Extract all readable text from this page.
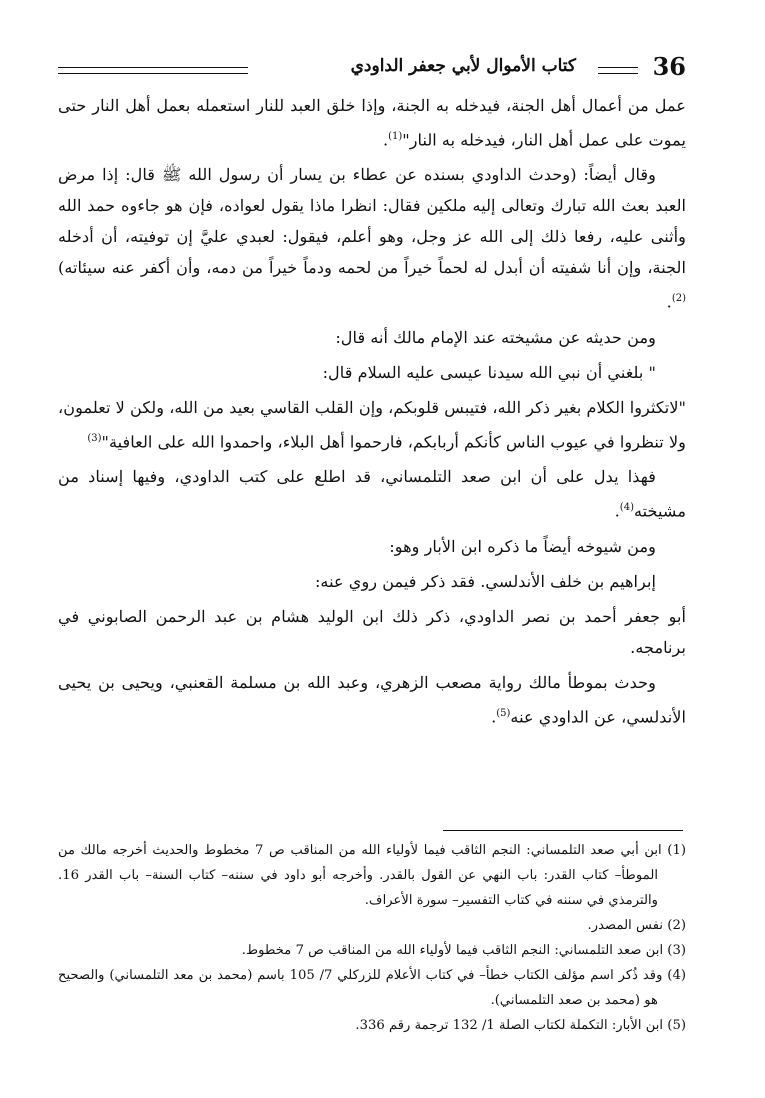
36
كتاب الأموال لأبي جعفر الداودي

عمل من أعمال أهل الجنة، فيدخله به الجنة، وإذا خلق العبد للنار استعمله بعمل أهل النار حتى يموت على عمل أهل النار، فيدخله به النار"$^{(1)}$.

وقال أيضاً: (وحدث الداودي بسنده عن عطاء بن يسار أن رسول الله ﷺ قال: إذا مرض العبد بعث الله تبارك وتعالى إليه ملكين فقال: انظرا ماذا يقول لعواده، فإن هو جاءوه حمد الله وأثنى عليه، رفعا ذلك إلى الله عز وجل، وهو أعلم، فيقول: لعبدي عليَّ إن توفيته، أن أدخله الجنة، وإن أنا شفيته أن أبدل له لحماً خيراً من لحمه ودماً خيراً من دمه، وأن أكفر عنه سيئاته)$^{(2)}$.

ومن حديثه عن مشيخته عند الإمام مالك أنه قال:

" بلغني أن نبي الله سيدنا عيسى عليه السلام قال:

"لاتكثروا الكلام بغير ذكر الله، فتيبس قلوبكم، وإن القلب القاسي بعيد من الله، ولكن لا تعلمون، ولا تنظروا في عيوب الناس كأنكم أربابكم، فارحموا أهل البلاء، واحمدوا الله على العافية"$^{(3)}$

فهذا يدل على أن ابن صعد التلمساني، قد اطلع على كتب الداودي، وفيها إسناد من مشيخته$^{(4)}$.

ومن شيوخه أيضاً ما ذكره ابن الأبار وهو:

إبراهيم بن خلف الأندلسي. فقد ذكر فيمن روي عنه:

أبو جعفر أحمد بن نصر الداودي، ذكر ذلك ابن الوليد هشام بن عبد الرحمن الصابوني في برنامجه.

وحدث بموطأ مالك رواية مصعب الزهري، وعبد الله بن مسلمة القعنبي، ويحيى بن يحيى الأندلسي، عن الداودي عنه$^{(5)}$.

(1) ابن أبي صعد التلمساني: النجم الثاقب فيما لأولياء الله من المناقب ص 7 مخطوط والحديث أخرجه مالك من الموطأ– كتاب القدر: باب النهي عن القول بالقدر. وأخرجه أبو داود في سننه– كتاب السنة– باب القدر 16. والترمذي في سننه في كتاب التفسير– سورة الأعراف.

(2) نفس المصدر.

(3) ابن صعد التلمساني: النجم الثاقب فيما لأولياء الله من المناقب ص 7 مخطوط.

(4) وقد ذُكر اسم مؤلف الكتاب خطأ– في كتاب الأعلام للزركلي 7/ 105 باسم (محمد بن معد التلمساني) والصحيح هو (محمد بن صعد التلمساني).

(5) ابن الأبار: التكملة لكتاب الصلة 1/ 132 ترجمة رقم 336.
